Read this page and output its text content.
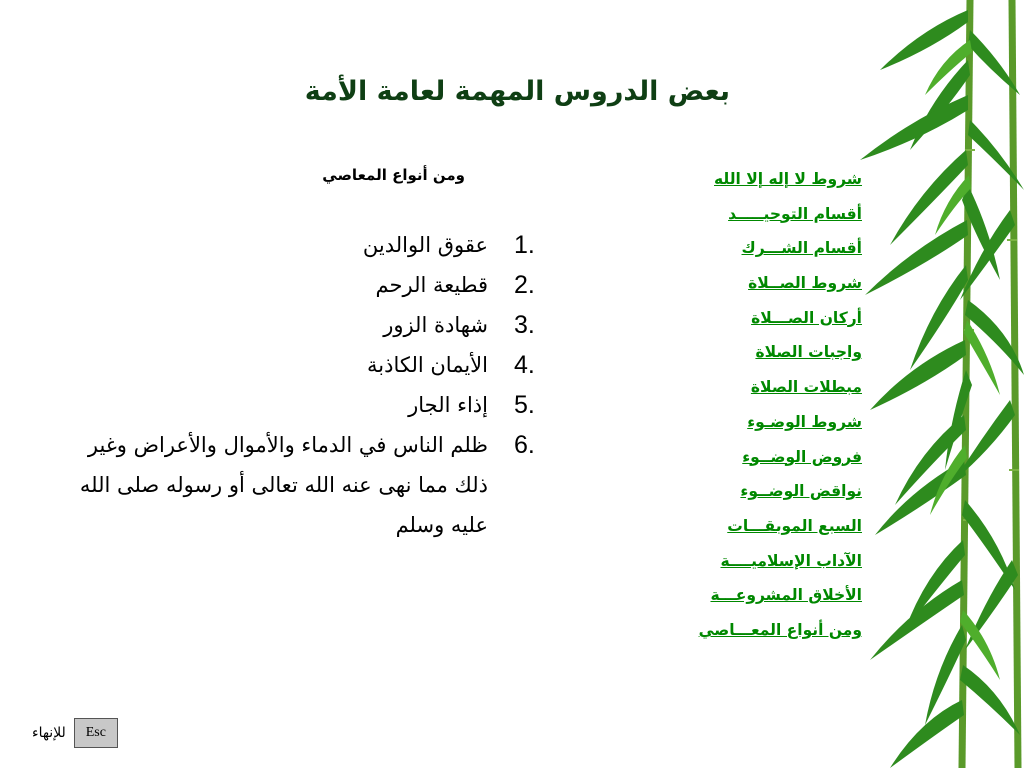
بعض الدروس المهمة لعامة الأمة
ومن أنواع المعاصي
1.
عقوق الوالدين
2.
قطيعة الرحم
3.
شهادة الزور
4.
الأيمان الكاذبة
5.
إذاء الجار
6.
ظلم الناس في الدماء والأموال والأعراض وغير ذلك مما نهى عنه الله تعالى أو رسوله صلى الله عليه وسلم
شروط لا إله إلا الله
أقسام التوحيـــــد
أقسام الشـــرك
شروط الصــلاة
أركان الصـــلاة
واجبات الصلاة
مبطلات الصلاة
شروط الوضـوء
فروض الوضــوء
نواقض الوضــوء
السبع الموبقـــات
الآداب الإسلاميــــة
الأخلاق المشروعـــة
ومن أنواع المعـــاصي
للإنهاء	Esc
